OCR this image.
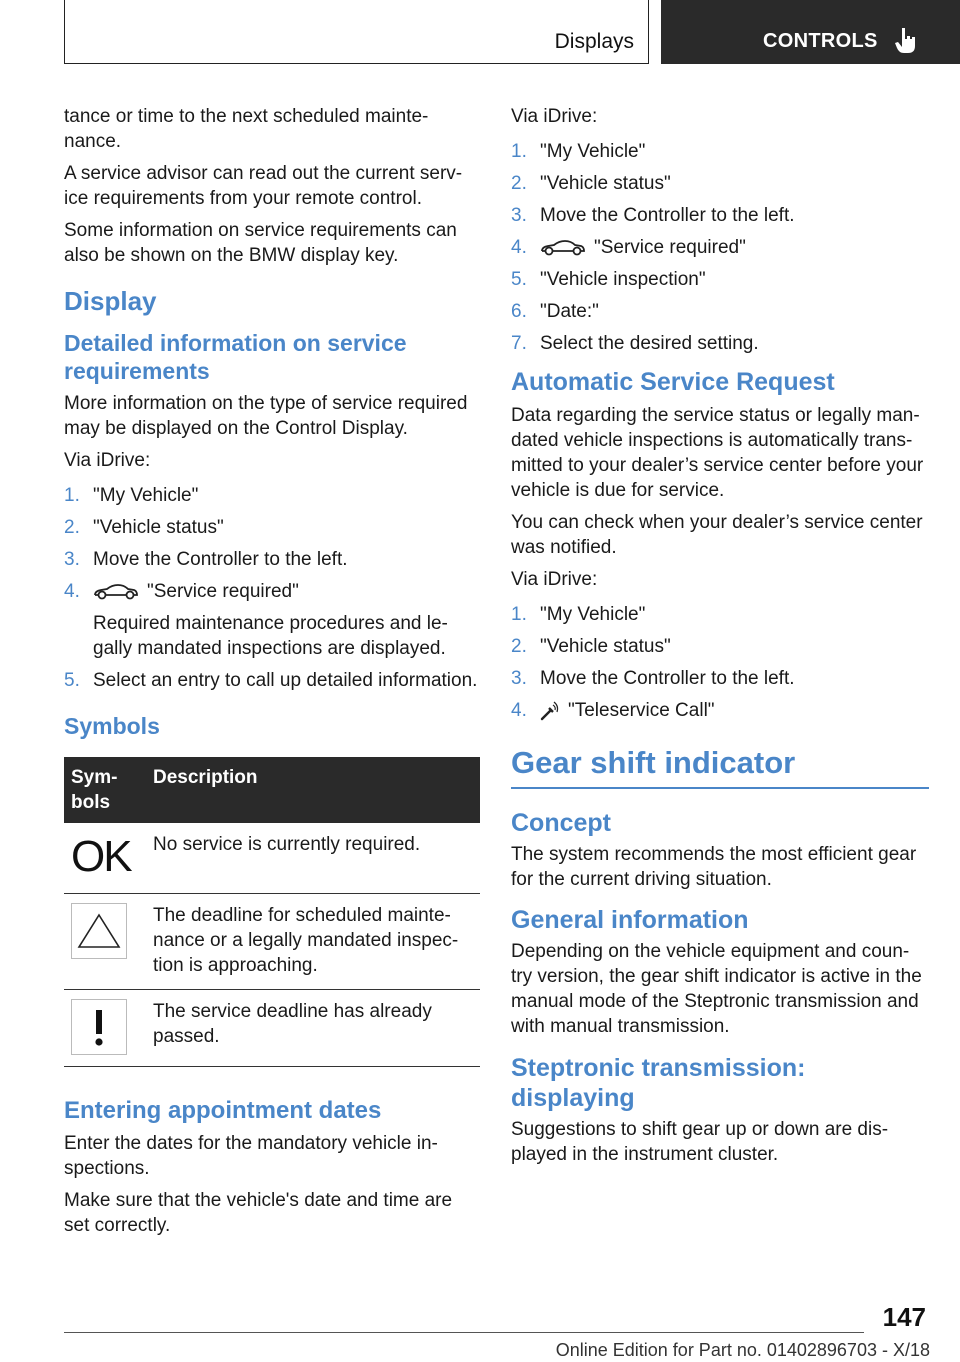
Displays	CONTROLS

tance or time to the next scheduled mainte-nance.

A service advisor can read out the current serv-ice requirements from your remote control.

Some information on service requirements can also be shown on the BMW display key.

Display
Detailed information on service requirements

More information on the type of service required may be displayed on the Control Display.

Via iDrive:

1. "My Vehicle"
2. "Vehicle status"
3. Move the Controller to the left.
4.	"Service required"
Required maintenance procedures and le-gally mandated inspections are displayed.
5. Select an entry to call up detailed information.
Symbols
Sym-bols	Description

OK	No service is currently required.

	The deadline for scheduled mainte-nance or a legally mandated inspec-tion is approaching.

	The service deadline has already passed.
Entering appointment dates

Enter the dates for the mandatory vehicle in-spections.

Make sure that the vehicle's date and time are set correctly.

Via iDrive:

1. "My Vehicle"
2. "Vehicle status"
3. Move the Controller to the left.
4.	"Service required"
5. "Vehicle inspection"
6. "Date:"
7. Select the desired setting.
Automatic Service Request

Data regarding the service status or legally man-dated vehicle inspections is automatically trans-mitted to your dealer’s service center before your vehicle is due for service.

You can check when your dealer’s service center was notified.

Via iDrive:

1. "My Vehicle"
2. "Vehicle status"
3. Move the Controller to the left.
4. "Teleservice Call"
Gear shift indicator
Concept

The system recommends the most efficient gear for the current driving situation.

General information

Depending on the vehicle equipment and coun-try version, the gear shift indicator is active in the manual mode of the Steptronic transmission and with manual transmission.

Steptronic transmission: displaying

Suggestions to shift gear up or down are dis-played in the instrument cluster.

147
Online Edition for Part no. 01402896703 - X/18
